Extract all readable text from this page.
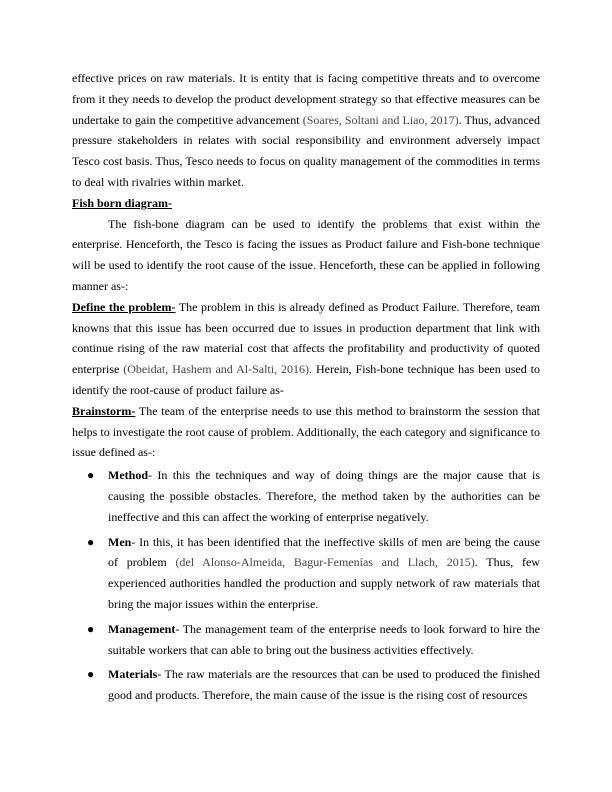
effective prices on raw materials. It is entity that is facing competitive threats and to overcome from it they needs to develop the product development strategy so that effective measures can be undertake to gain the competitive advancement (Soares, Soltani and Liao, 2017). Thus, advanced pressure stakeholders in relates with social responsibility and environment adversely impact Tesco cost basis. Thus, Tesco needs to focus on quality management of the commodities in terms to deal with rivalries within market.

Fish born diagram-

The fish-bone diagram can be used to identify the problems that exist within the enterprise. Henceforth, the Tesco is facing the issues as Product failure and Fish-bone technique will be used to identify the root cause of the issue. Henceforth, these can be applied in following manner as-:

Define the problem- The problem in this is already defined as Product Failure. Therefore, team knowns that this issue has been occurred due to issues in production department that link with continue rising of the raw material cost that affects the profitability and productivity of quoted enterprise (Obeidat, Hashem and Al-Salti, 2016). Herein, Fish-bone technique has been used to identify the root-cause of product failure as-

Brainstorm- The team of the enterprise needs to use this method to brainstorm the session that helps to investigate the root cause of problem. Additionally, the each category and significance to issue defined as-:

● Method- In this the techniques and way of doing things are the major cause that is causing the possible obstacles. Therefore, the method taken by the authorities can be ineffective and this can affect the working of enterprise negatively.
● Men- In this, it has been identified that the ineffective skills of men are being the cause of problem (del Alonso-Almeida, Bagur-Femenías and Llach, 2015). Thus, few experienced authorities handled the production and supply network of raw materials that bring the major issues within the enterprise.
● Management- The management team of the enterprise needs to look forward to hire the suitable workers that can able to bring out the business activities effectively.
● Materials- The raw materials are the resources that can be used to produced the finished good and products. Therefore, the main cause of the issue is the rising cost of resources
